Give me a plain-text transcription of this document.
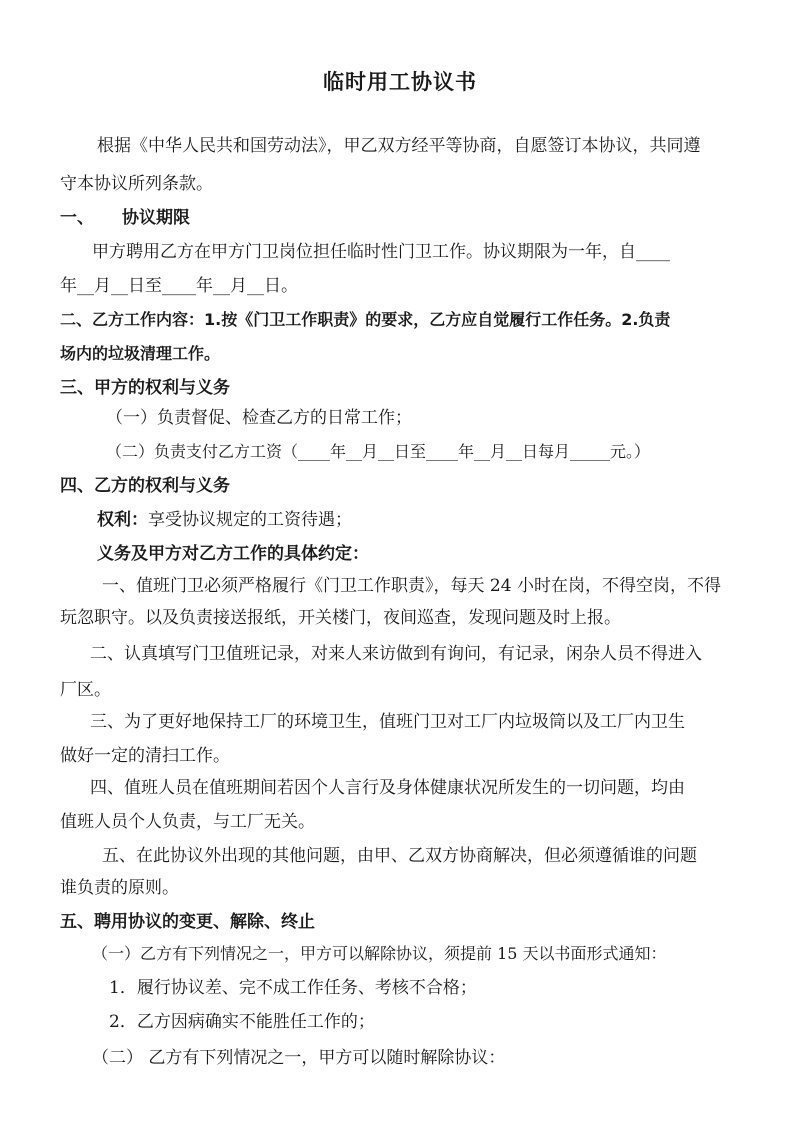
临时用工协议书
根据《中华人民共和国劳动法》，甲乙双方经平等协商，自愿签订本协议，共同遵
守本协议所列条款。
一、 协议期限
甲方聘用乙方在甲方门卫岗位担任临时性门卫工作。协议期限为一年，自____
年__月__日至____年__月__日。
二、乙方工作内容：1.按《门卫工作职责》的要求，乙方应自觉履行工作任务。2.负责
场内的垃圾清理工作。
三、甲方的权利与义务
（一）负责督促、检查乙方的日常工作；
（二）负责支付乙方工资（____年__月__日至____年__月__日每月_____元。）
四、乙方的权利与义务
权利：享受协议规定的工资待遇；
义务及甲方对乙方工作的具体约定：
一、值班门卫必须严格履行《门卫工作职责》，每天 24 小时在岗，不得空岗，不得
玩忽职守。以及负责接送报纸，开关楼门，夜间巡查，发现问题及时上报。
二、认真填写门卫值班记录，对来人来访做到有询问，有记录，闲杂人员不得进入
厂区。
三、为了更好地保持工厂的环境卫生，值班门卫对工厂内垃圾筒以及工厂内卫生
做好一定的清扫工作。
四、值班人员在值班期间若因个人言行及身体健康状况所发生的一切问题，均由
值班人员个人负责，与工厂无关。
五、在此协议外出现的其他问题，由甲、乙双方协商解决，但必须遵循谁的问题
谁负责的原则。
五、聘用协议的变更、解除、终止
（一）乙方有下列情况之一，甲方可以解除协议，须提前 15 天以书面形式通知：
1．履行协议差、完不成工作任务、考核不合格；
2．乙方因病确实不能胜任工作的；
（二） 乙方有下列情况之一，甲方可以随时解除协议：
